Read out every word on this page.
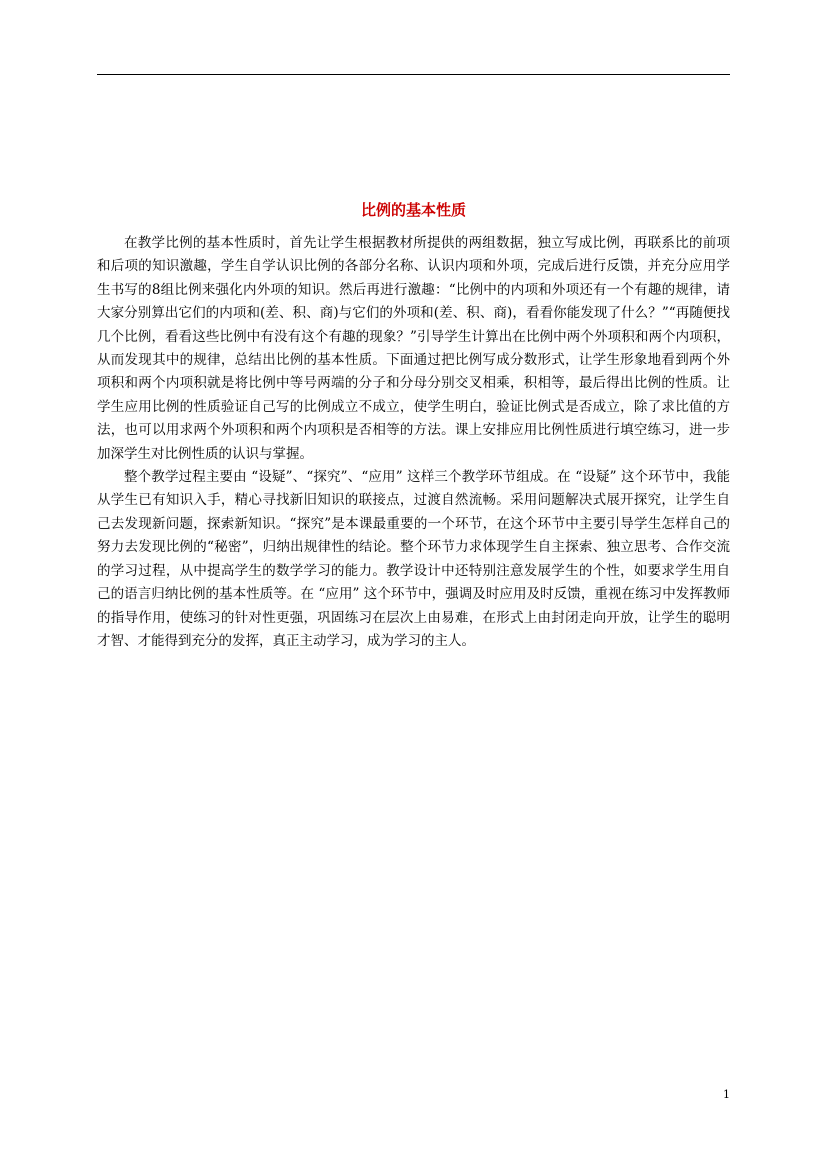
比例的基本性质

在教学比例的基本性质时，首先让学生根据教材所提供的两组数据，独立写成比例，再联系比的前项和后项的知识激趣，学生自学认识比例的各部分名称、认识内项和外项，完成后进行反馈，并充分应用学生书写的8组比例来强化内外项的知识。然后再进行激趣：“比例中的内项和外项还有一个有趣的规律，请大家分别算出它们的内项和(差、积、商)与它们的外项和(差、积、商)，看看你能发现了什么？”“再随便找几个比例，看看这些比例中有没有这个有趣的现象？”引导学生计算出在比例中两个外项积和两个内项积，从而发现其中的规律，总结出比例的基本性质。下面通过把比例写成分数形式，让学生形象地看到两个外项积和两个内项积就是将比例中等号两端的分子和分母分别交叉相乘，积相等，最后得出比例的性质。让学生应用比例的性质验证自己写的比例成立不成立，使学生明白，验证比例式是否成立，除了求比值的方法，也可以用求两个外项积和两个内项积是否相等的方法。课上安排应用比例性质进行填空练习，进一步加深学生对比例性质的认识与掌握。

整个教学过程主要由 “设疑”、“探究”、“应用” 这样三个教学环节组成。在 “设疑” 这个环节中，我能从学生已有知识入手，精心寻找新旧知识的联接点，过渡自然流畅。采用问题解决式展开探究，让学生自己去发现新问题，探索新知识。“探究”是本课最重要的一个环节，在这个环节中主要引导学生怎样自己的努力去发现比例的“秘密”，归纳出规律性的结论。整个环节力求体现学生自主探索、独立思考、合作交流的学习过程，从中提高学生的数学学习的能力。教学设计中还特别注意发展学生的个性，如要求学生用自己的语言归纳比例的基本性质等。在 “应用” 这个环节中，强调及时应用及时反馈，重视在练习中发挥教师的指导作用，使练习的针对性更强，巩固练习在层次上由易难，在形式上由封闭走向开放，让学生的聪明才智、才能得到充分的发挥，真正主动学习，成为学习的主人。

1
